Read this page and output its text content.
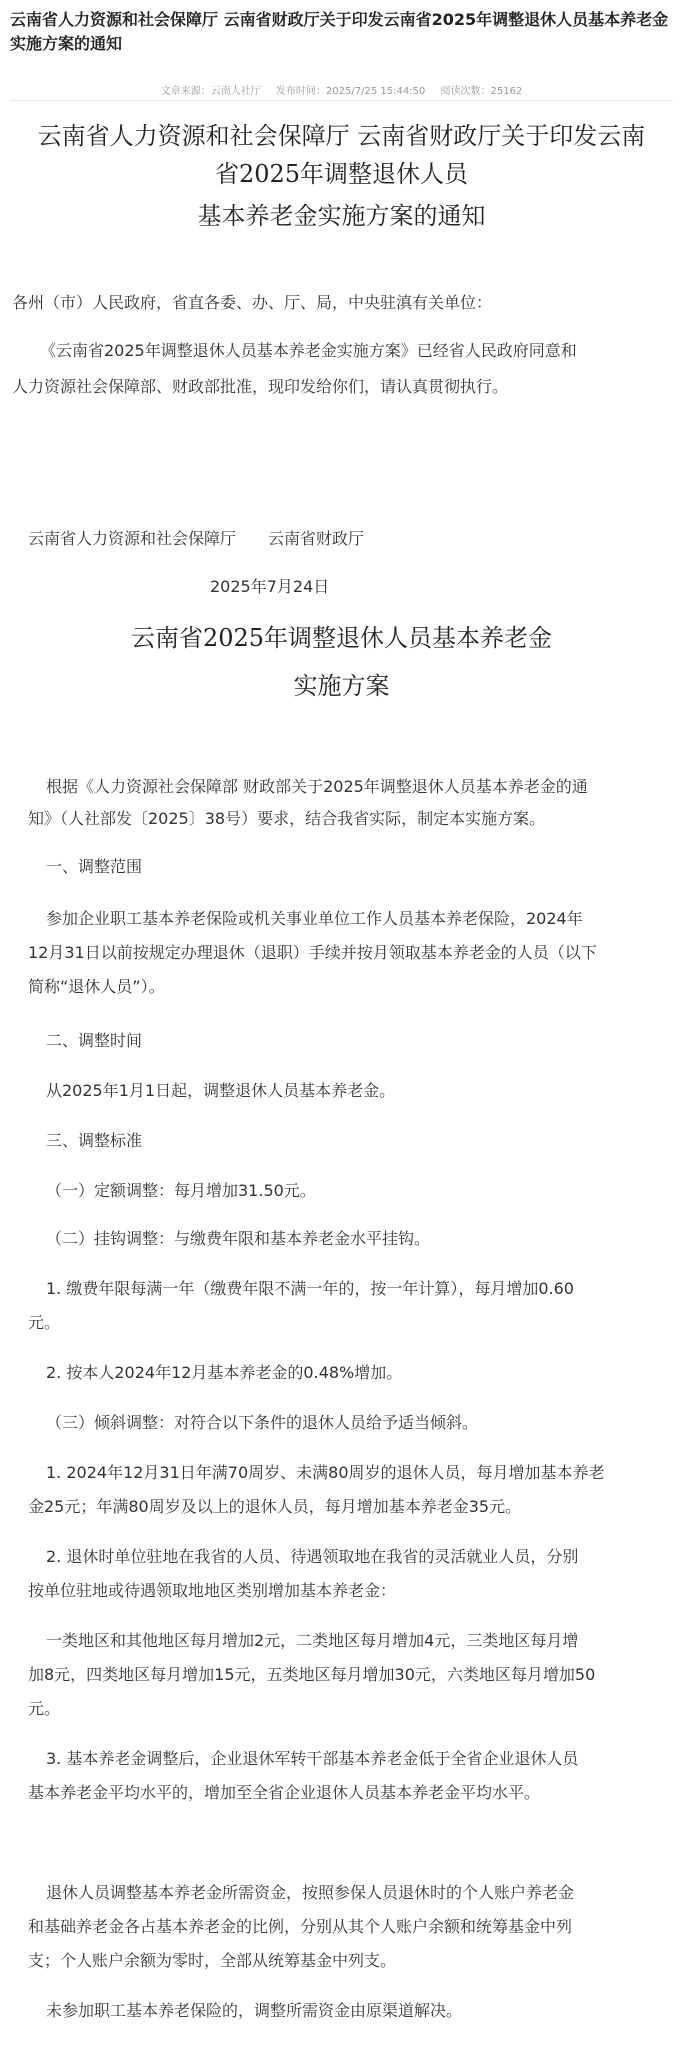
云南省人力资源和社会保障厅 云南省财政厅关于印发云南省2025年调整退休人员基本养老金实施方案的通知
文章来源：云南人社厅 发布时间：2025/7/25 15:44:50 阅读次数：25162
云南省人力资源和社会保障厅 云南省财政厅关于印发云南
省2025年调整退休人员
基本养老金实施方案的通知
各州（市）人民政府，省直各委、办、厅、局，中央驻滇有关单位：
《云南省2025年调整退休人员基本养老金实施方案》已经省人民政府同意和
人力资源社会保障部、财政部批准，现印发给你们，请认真贯彻执行。
云南省人力资源和社会保障厅　　云南省财政厅
2025年7月24日
云南省2025年调整退休人员基本养老金
实施方案
根据《人力资源社会保障部 财政部关于2025年调整退休人员基本养老金的通
知》（人社部发〔2025〕38号）要求，结合我省实际，制定本实施方案。
一、调整范围
参加企业职工基本养老保险或机关事业单位工作人员基本养老保险，2024年
12月31日以前按规定办理退休（退职）手续并按月领取基本养老金的人员（以下
简称“退休人员”）。
二、调整时间
从2025年1月1日起，调整退休人员基本养老金。
三、调整标准
（一）定额调整：每月增加31.50元。
（二）挂钩调整：与缴费年限和基本养老金水平挂钩。
1. 缴费年限每满一年（缴费年限不满一年的，按一年计算），每月增加0.60
元。
2. 按本人2024年12月基本养老金的0.48%增加。
（三）倾斜调整：对符合以下条件的退休人员给予适当倾斜。
1. 2024年12月31日年满70周岁、未满80周岁的退休人员，每月增加基本养老
金25元；年满80周岁及以上的退休人员，每月增加基本养老金35元。
2. 退休时单位驻地在我省的人员、待遇领取地在我省的灵活就业人员，分别
按单位驻地或待遇领取地地区类别增加基本养老金：
一类地区和其他地区每月增加2元，二类地区每月增加4元，三类地区每月增
加8元，四类地区每月增加15元，五类地区每月增加30元，六类地区每月增加50
元。
3. 基本养老金调整后，企业退休军转干部基本养老金低于全省企业退休人员
基本养老金平均水平的，增加至全省企业退休人员基本养老金平均水平。
退休人员调整基本养老金所需资金，按照参保人员退休时的个人账户养老金
和基础养老金各占基本养老金的比例，分别从其个人账户余额和统筹基金中列
支；个人账户余额为零时，全部从统筹基金中列支。
未参加职工基本养老保险的，调整所需资金由原渠道解决。
